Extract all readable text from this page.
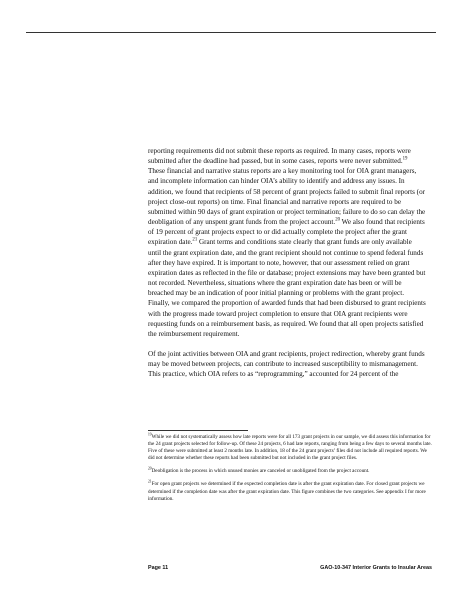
reporting requirements did not submit these reports as required. In many cases, reports were submitted after the deadline had passed, but in some cases, reports were never submitted.$^{19}$ These financial and narrative status reports are a key monitoring tool for OIA grant managers, and incomplete information can hinder OIA’s ability to identify and address any issues. In addition, we found that recipients of 58 percent of grant projects failed to submit final reports (or project close-out reports) on time. Final financial and narrative reports are required to be submitted within 90 days of grant expiration or project termination; failure to do so can delay the deobligation of any unspent grant funds from the project account.$^{20}$ We also found that recipients of 19 percent of grant projects expect to or did actually complete the project after the grant expiration date.$^{21}$ Grant terms and conditions state clearly that grant funds are only available until the grant expiration date, and the grant recipient should not continue to spend federal funds after they have expired. It is important to note, however, that our assessment relied on grant expiration dates as reflected in the file or database; project extensions may have been granted but not recorded. Nevertheless, situations where the grant expiration date has been or will be breached may be an indication of poor initial planning or problems with the grant project. Finally, we compared the proportion of awarded funds that had been disbursed to grant recipients with the progress made toward project completion to ensure that OIA grant recipients were requesting funds on a reimbursement basis, as required. We found that all open projects satisfied the reimbursement requirement.

Of the joint activities between OIA and grant recipients, project redirection, whereby grant funds may be moved between projects, can contribute to increased susceptibility to mismanagement. This practice, which OIA refers to as “reprogramming,” accounted for 24 percent of the

$^{19}$While we did not systematically assess how late reports were for all 173 grant projects in our sample, we did assess this information for the 24 grant projects selected for follow-up. Of these 24 projects, 6 had late reports, ranging from being a few days to several months late. Five of these were submitted at least 2 months late. In addition, 18 of the 24 grant projects’ files did not include all required reports. We did not determine whether these reports had been submitted but not included in the grant project files.

$^{20}$Deobligation is the process in which unused monies are canceled or unobligated from the project account.

$^{21}$For open grant projects we determined if the expected completion date is after the grant expiration date. For closed grant projects we determined if the completion date was after the grant expiration date. This figure combines the two categories. See appendix I for more information.

Page 11	GAO-10-347 Interior Grants to Insular Areas
